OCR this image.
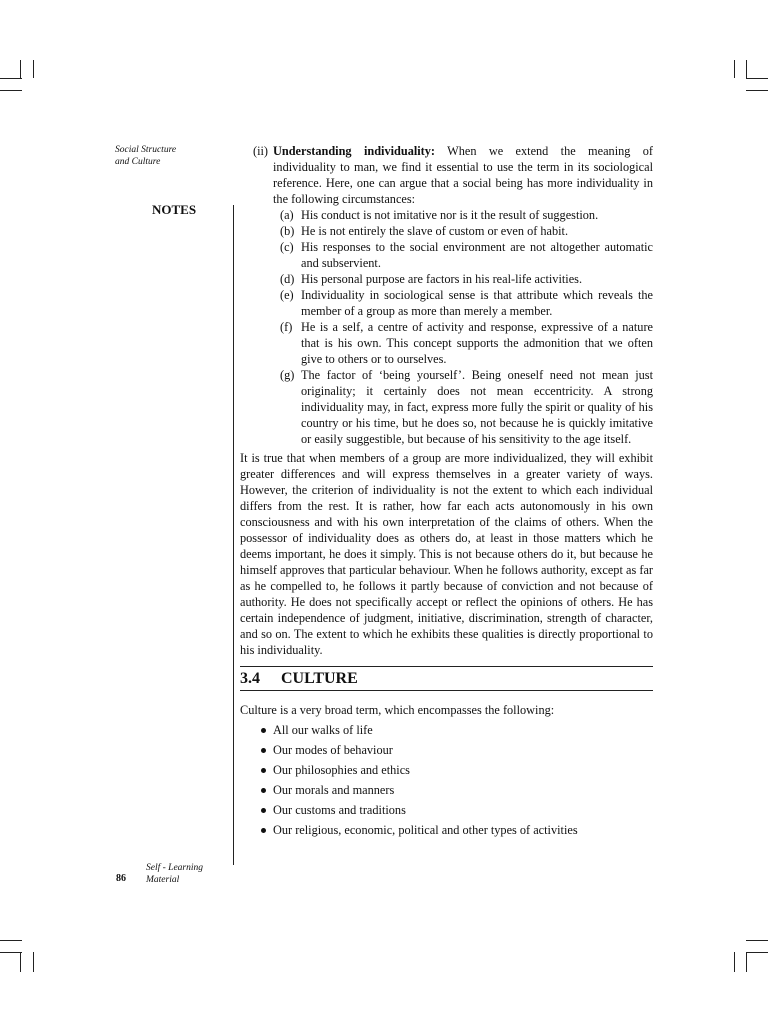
Social Structure
and Culture
NOTES
(ii) Understanding individuality: When we extend the meaning of individuality to man, we find it essential to use the term in its sociological reference. Here, one can argue that a social being has more individuality in the following circumstances:
(a) His conduct is not imitative nor is it the result of suggestion.
(b) He is not entirely the slave of custom or even of habit.
(c) His responses to the social environment are not altogether automatic and subservient.
(d) His personal purpose are factors in his real-life activities.
(e) Individuality in sociological sense is that attribute which reveals the member of a group as more than merely a member.
(f) He is a self, a centre of activity and response, expressive of a nature that is his own. This concept supports the admonition that we often give to others or to ourselves.
(g) The factor of ‘being yourself’. Being oneself need not mean just originality; it certainly does not mean eccentricity. A strong individuality may, in fact, express more fully the spirit or quality of his country or his time, but he does so, not because he is quickly imitative or easily suggestible, but because of his sensitivity to the age itself.
It is true that when members of a group are more individualized, they will exhibit greater differences and will express themselves in a greater variety of ways. However, the criterion of individuality is not the extent to which each individual differs from the rest. It is rather, how far each acts autonomously in his own consciousness and with his own interpretation of the claims of others. When the possessor of individuality does as others do, at least in those matters which he deems important, he does it simply. This is not because others do it, but because he himself approves that particular behaviour. When he follows authority, except as far as he compelled to, he follows it partly because of conviction and not because of authority. He does not specifically accept or reflect the opinions of others. He has certain independence of judgment, initiative, discrimination, strength of character, and so on. The extent to which he exhibits these qualities is directly proportional to his individuality.
3.4 CULTURE
Culture is a very broad term, which encompasses the following:
All our walks of life
Our modes of behaviour
Our philosophies and ethics
Our morals and manners
Our customs and traditions
Our religious, economic, political and other types of activities
86
Self - Learning
Material
